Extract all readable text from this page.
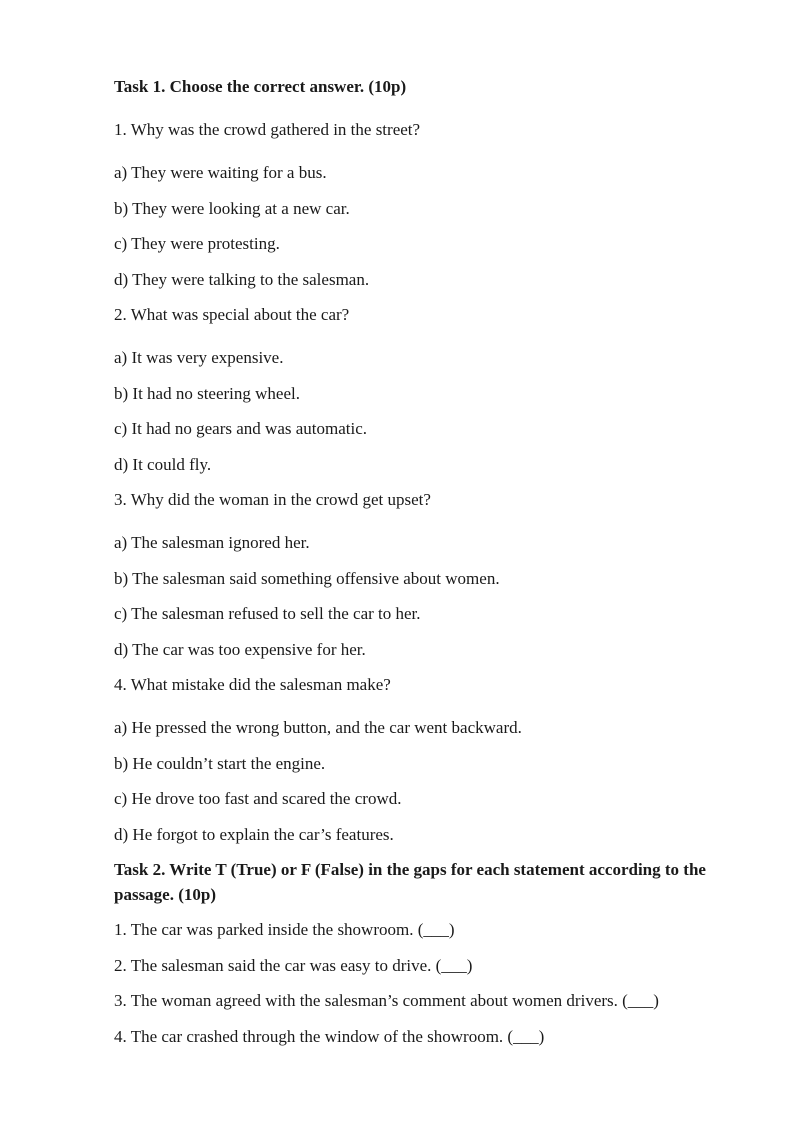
Task 1. Choose the correct answer. (10p)

1. Why was the crowd gathered in the street?

a) They were waiting for a bus.

b) They were looking at a new car.

c) They were protesting.

d) They were talking to the salesman.

2. What was special about the car?

a) It was very expensive.

b) It had no steering wheel.

c) It had no gears and was automatic.

d) It could fly.

3. Why did the woman in the crowd get upset?

a) The salesman ignored her.

b) The salesman said something offensive about women.

c) The salesman refused to sell the car to her.

d) The car was too expensive for her.

4. What mistake did the salesman make?

a) He pressed the wrong button, and the car went backward.

b) He couldn’t start the engine.

c) He drove too fast and scared the crowd.

d) He forgot to explain the car’s features.

Task 2. Write T (True) or F (False) in the gaps for each statement according to the passage. (10p)

1. The car was parked inside the showroom. (___)

2. The salesman said the car was easy to drive. (___)

3. The woman agreed with the salesman’s comment about women drivers. (___)

4. The car crashed through the window of the showroom. (___)
